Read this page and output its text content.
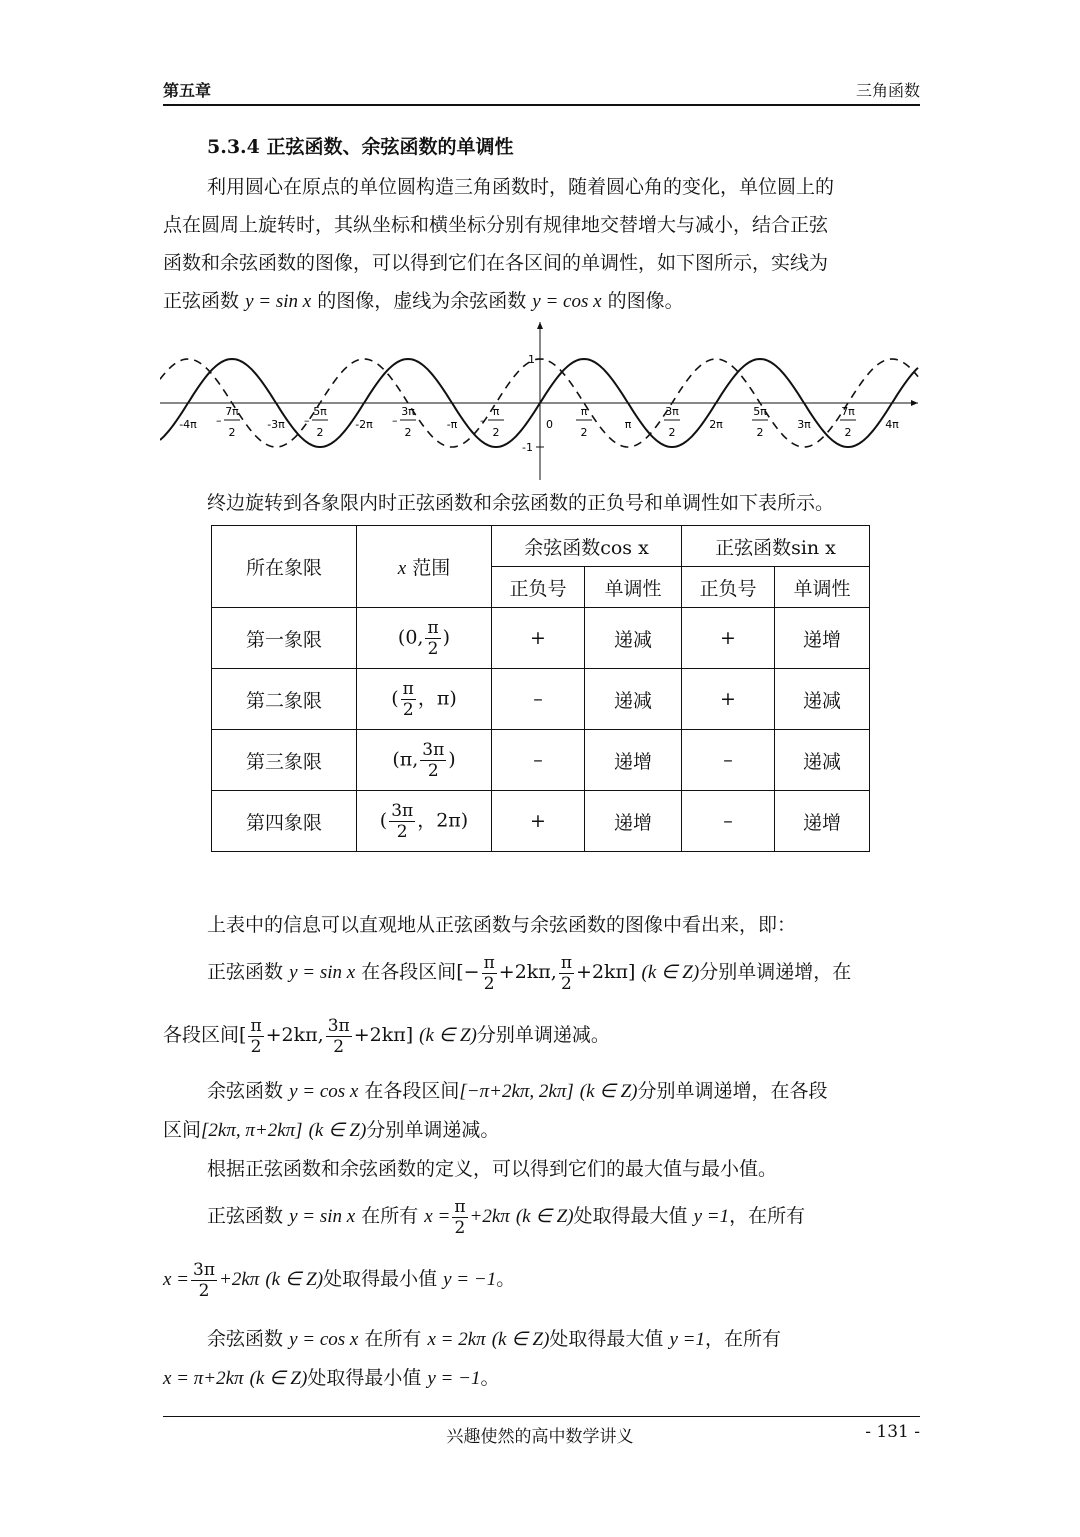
第五章	三角函数
5.3.4 正弦函数、余弦函数的单调性
利用圆心在原点的单位圆构造三角函数时，随着圆心角的变化，单位圆上的
点在圆周上旋转时，其纵坐标和横坐标分别有规律地交替增大与减小，结合正弦
函数和余弦函数的图像，可以得到它们在各区间的单调性，如下图所示，实线为
正弦函数 y = sin x 的图像，虚线为余弦函数 y = cos x 的图像。
1
-1
-4π –
7π 2
-3π –
5π 2
-2π –
3π 2
-π –
π 2
0
π 2
π
3π 2
2π
5π 2
3π
7π 2
4π
终边旋转到各象限内时正弦函数和余弦函数的正负号和单调性如下表所示。
所在象限	x 范围	余弦函数cos x		正弦函数sin x	
		正负号	单调性	正负号	单调性
第一象限	(0, $\frac{\pi}{2}$ )	+	递减	+	递增
第二象限	( $\frac{\pi}{2}$ ，π)	–	递减	+	递减
第三象限	(π, $\frac{3\pi}{2}$ )	–	递增	–	递减
第四象限	( $\frac{3\pi}{2}$ ，2π)	+	递增	–	递增
上表中的信息可以直观地从正弦函数与余弦函数的图像中看出来，即：
正弦函数 y = sin x 在各段区间[− $\frac{\pi}{2} +2k\pi$, $\frac{\pi}{2} +2k\pi$] (k ∈ Z)分别单调递增，在
各段区间[ $\frac{\pi}{2} +2k\pi$, $\frac{3\pi}{2} +2k\pi$] (k ∈ Z)分别单调递减。
余弦函数 y = cos x 在各段区间[−π+2kπ, 2kπ] (k ∈ Z)分别单调递增，在各段
区间[2kπ, π+2kπ] (k ∈ Z)分别单调递减。
根据正弦函数和余弦函数的定义，可以得到它们的最大值与最小值。
正弦函数 y = sin x 在所有 $x = \frac{\pi}{2} +2k\pi$ (k ∈ Z)处取得最大值 y =1，在所有
$x = \frac{3\pi}{2} +2k\pi$ (k ∈ Z)处取得最小值 y = −1。
余弦函数 y = cos x 在所有 x = 2kπ (k ∈ Z)处取得最大值 y =1，在所有
x = π+2kπ (k ∈ Z)处取得最小值 y = −1。
兴趣使然的高中数学讲义	- 131 -
